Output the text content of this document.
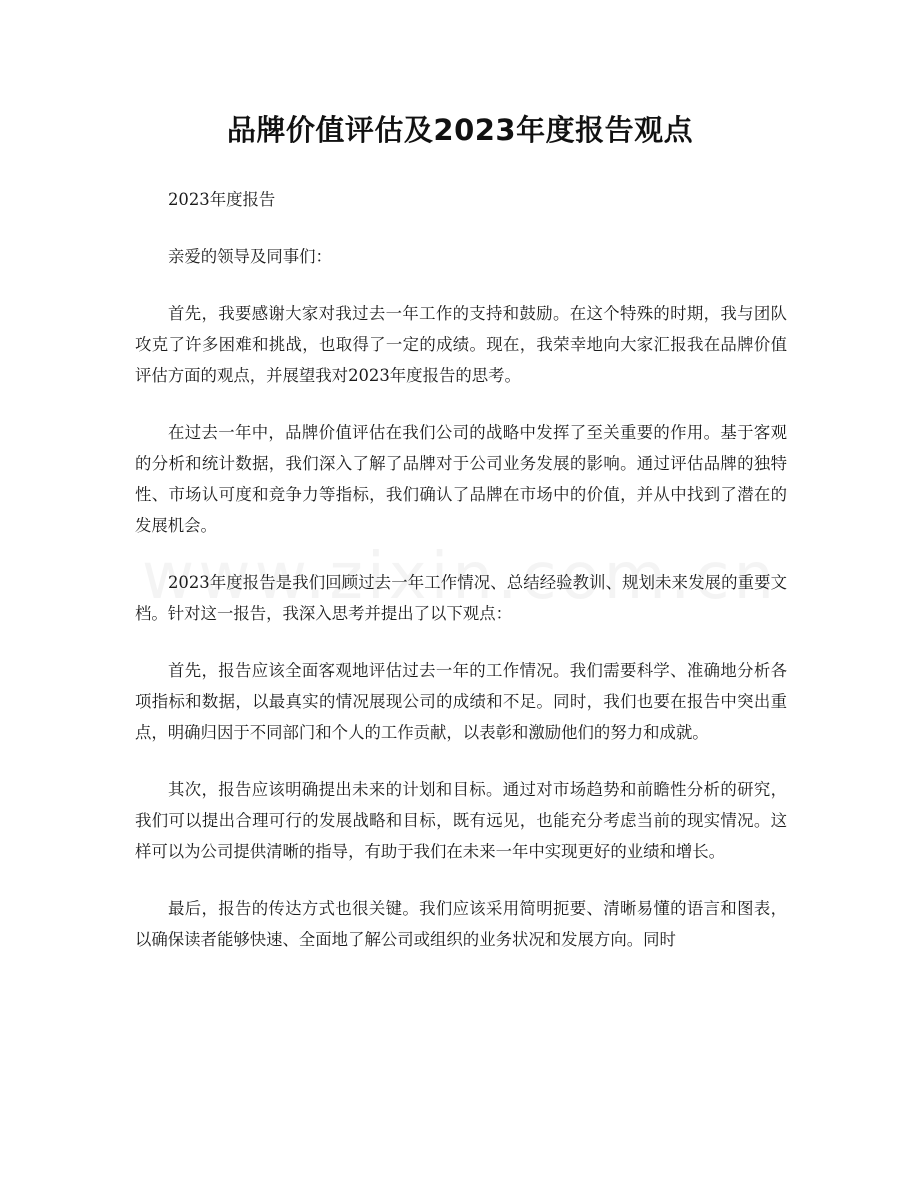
品牌价值评估及2023年度报告观点

2023年度报告

亲爱的领导及同事们：

首先，我要感谢大家对我过去一年工作的支持和鼓励。在这个特殊的时期，我与团队攻克了许多困难和挑战，也取得了一定的成绩。现在，我荣幸地向大家汇报我在品牌价值评估方面的观点，并展望我对2023年度报告的思考。

在过去一年中，品牌价值评估在我们公司的战略中发挥了至关重要的作用。基于客观的分析和统计数据，我们深入了解了品牌对于公司业务发展的影响。通过评估品牌的独特性、市场认可度和竞争力等指标，我们确认了品牌在市场中的价值，并从中找到了潜在的发展机会。

2023年度报告是我们回顾过去一年工作情况、总结经验教训、规划未来发展的重要文档。针对这一报告，我深入思考并提出了以下观点：

首先，报告应该全面客观地评估过去一年的工作情况。我们需要科学、准确地分析各项指标和数据，以最真实的情况展现公司的成绩和不足。同时，我们也要在报告中突出重点，明确归因于不同部门和个人的工作贡献，以表彰和激励他们的努力和成就。

其次，报告应该明确提出未来的计划和目标。通过对市场趋势和前瞻性分析的研究，我们可以提出合理可行的发展战略和目标，既有远见，也能充分考虑当前的现实情况。这样可以为公司提供清晰的指导，有助于我们在未来一年中实现更好的业绩和增长。

最后，报告的传达方式也很关键。我们应该采用简明扼要、清晰易懂的语言和图表，以确保读者能够快速、全面地了解公司或组织的业务状况和发展方向。同时
